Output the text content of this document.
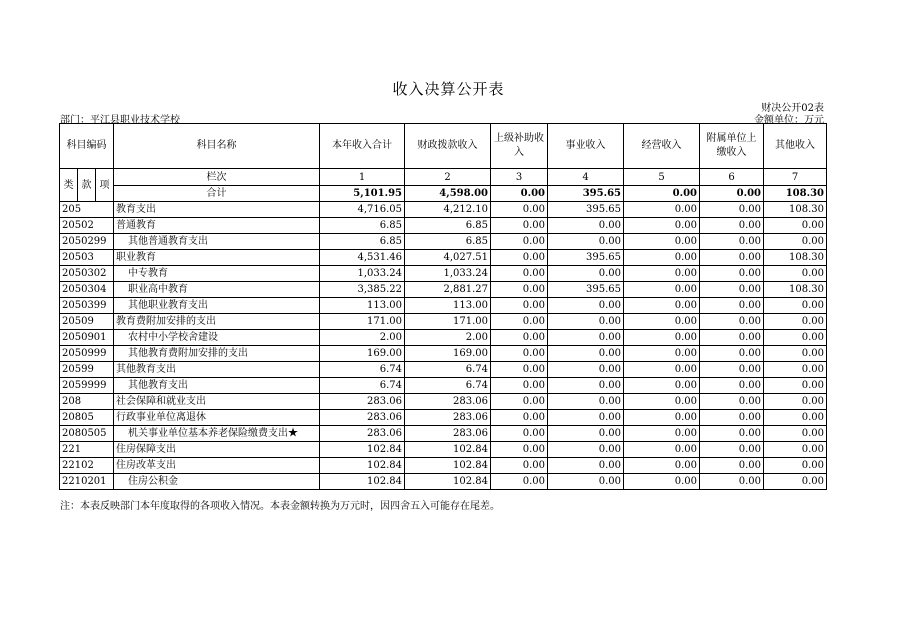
收入决算公开表
财决公开02表
部门：平江县职业技术学校	金额单位：万元
科目编码			科目名称	本年收入合计	财政拨款收入	上级补助收入	事业收入	经营收入	附属单位上缴收入	其他收入
类	款	项	栏次	1	2	3	4	5	6	7
			合计	5,101.95	4,598.00	0.00	395.65	0.00	0.00	108.30
205			教育支出	4,716.05	4,212.10	0.00	395.65	0.00	0.00	108.30
20502			普通教育	6.85	6.85	0.00	0.00	0.00	0.00	0.00
2050299			其他普通教育支出	6.85	6.85	0.00	0.00	0.00	0.00	0.00
20503			职业教育	4,531.46	4,027.51	0.00	395.65	0.00	0.00	108.30
2050302			中专教育	1,033.24	1,033.24	0.00	0.00	0.00	0.00	0.00
2050304			职业高中教育	3,385.22	2,881.27	0.00	395.65	0.00	0.00	108.30
2050399			其他职业教育支出	113.00	113.00	0.00	0.00	0.00	0.00	0.00
20509			教育费附加安排的支出	171.00	171.00	0.00	0.00	0.00	0.00	0.00
2050901			农村中小学校舍建设	2.00	2.00	0.00	0.00	0.00	0.00	0.00
2050999			其他教育费附加安排的支出	169.00	169.00	0.00	0.00	0.00	0.00	0.00
20599			其他教育支出	6.74	6.74	0.00	0.00	0.00	0.00	0.00
2059999			其他教育支出	6.74	6.74	0.00	0.00	0.00	0.00	0.00
208			社会保障和就业支出	283.06	283.06	0.00	0.00	0.00	0.00	0.00
20805			行政事业单位离退休	283.06	283.06	0.00	0.00	0.00	0.00	0.00
2080505			机关事业单位基本养老保险缴费支出★	283.06	283.06	0.00	0.00	0.00	0.00	0.00
221			住房保障支出	102.84	102.84	0.00	0.00	0.00	0.00	0.00
22102			住房改革支出	102.84	102.84	0.00	0.00	0.00	0.00	0.00
2210201			住房公积金	102.84	102.84	0.00	0.00	0.00	0.00	0.00
注：本表反映部门本年度取得的各项收入情况。本表金额转换为万元时，因四舍五入可能存在尾差。
